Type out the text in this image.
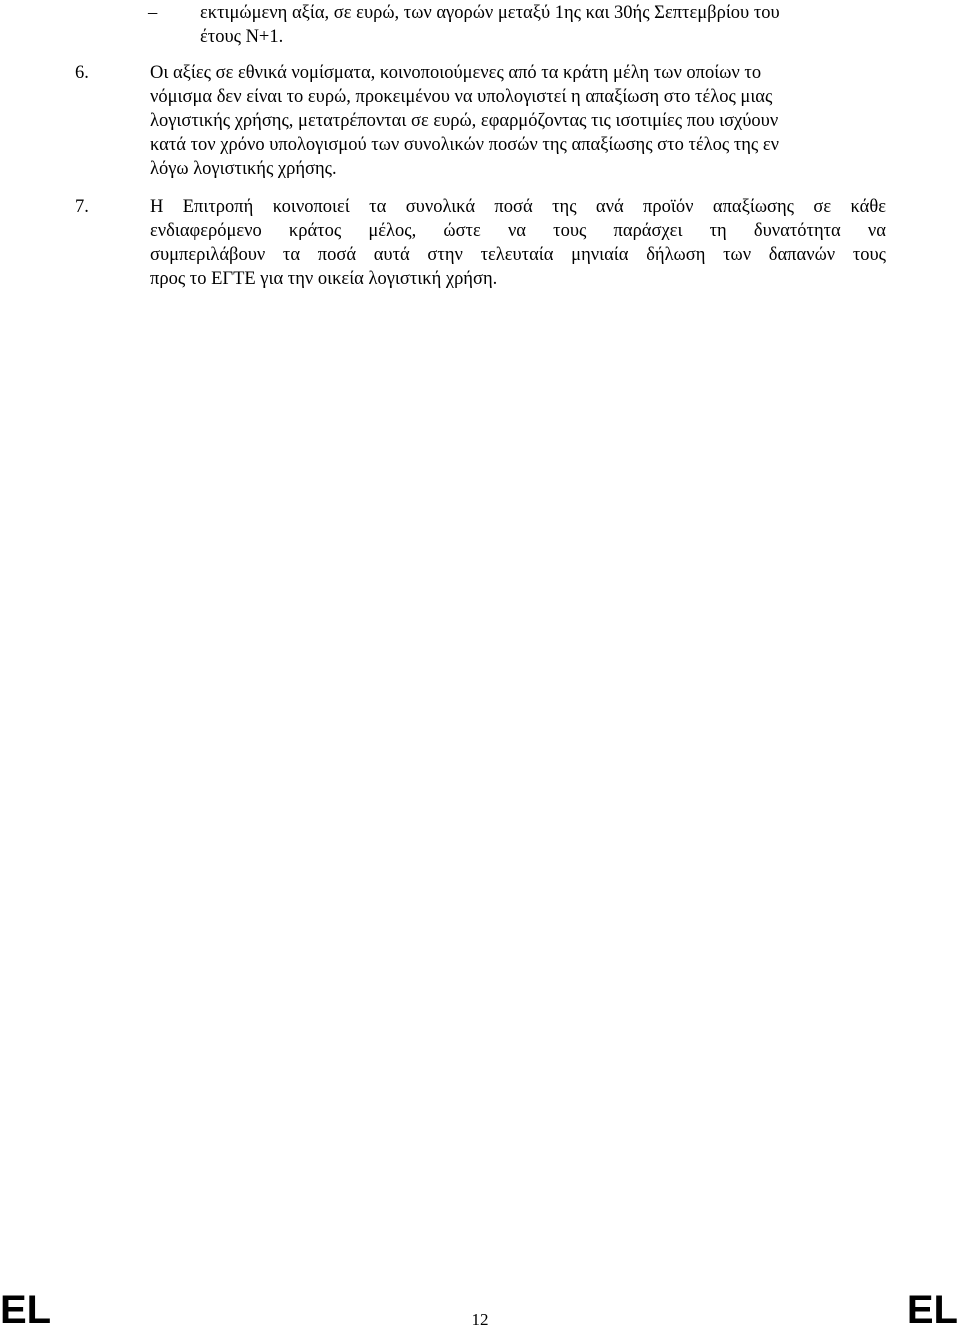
– εκτιμώμενη αξία, σε ευρώ, των αγορών μεταξύ 1ης και 30ής Σεπτεμβρίου του
έτους Ν+1.
6.	Οι αξίες σε εθνικά νομίσματα, κοινοποιούμενες από τα κράτη μέλη των οποίων το
νόμισμα δεν είναι το ευρώ, προκειμένου να υπολογιστεί η απαξίωση στο τέλος μιας
λογιστικής χρήσης, μετατρέπονται σε ευρώ, εφαρμόζοντας τις ισοτιμίες που ισχύουν
κατά τον χρόνο υπολογισμού των συνολικών ποσών της απαξίωσης στο τέλος της εν
λόγω λογιστικής χρήσης.
7.	Η Επιτροπή κοινοποιεί τα συνολικά ποσά της ανά προϊόν απαξίωσης σε κάθε
ενδιαφερόμενο κράτος μέλος, ώστε να τους παράσχει τη δυνατότητα να
συμπεριλάβουν τα ποσά αυτά στην τελευταία μηνιαία δήλωση των δαπανών τους
προς το ΕΓΤΕ για την οικεία λογιστική χρήση.
EL	12	EL
